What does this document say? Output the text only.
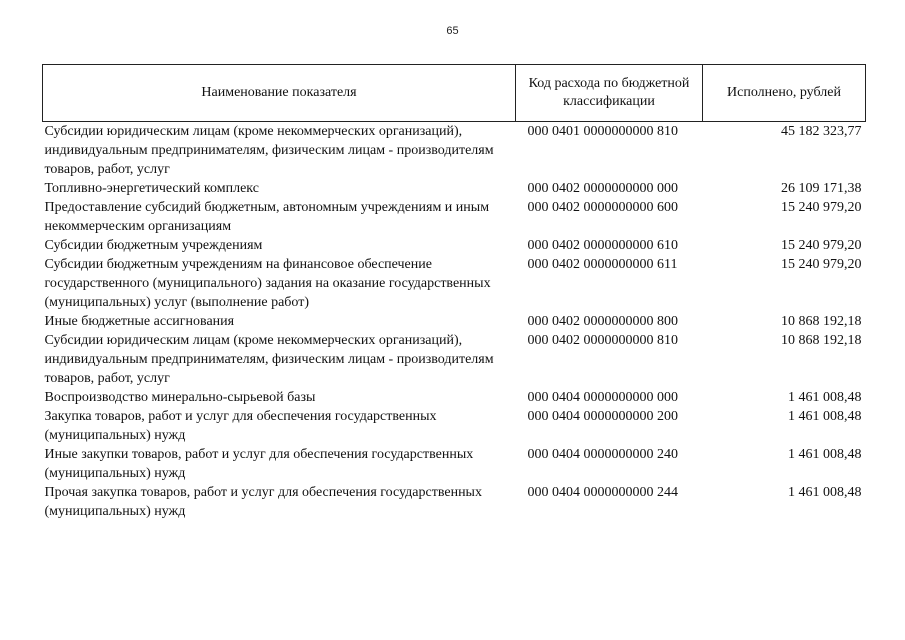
65
Наименование показателя	Код расхода по бюджетной классификации	Исполнено, рублей
Субсидии юридическим лицам (кроме некоммерческих организаций), индивидуальным предпринимателям, физическим лицам - производителям товаров, работ, услуг	000 0401 0000000000 810	45 182 323,77
Топливно-энергетический комплекс	000 0402 0000000000 000	26 109 171,38
Предоставление субсидий бюджетным, автономным учреждениям и иным некоммерческим организациям	000 0402 0000000000 600	15 240 979,20
Субсидии бюджетным учреждениям	000 0402 0000000000 610	15 240 979,20
Субсидии бюджетным учреждениям на финансовое обеспечение государственного (муниципального) задания на оказание государственных (муниципальных) услуг (выполнение работ)	000 0402 0000000000 611	15 240 979,20
Иные бюджетные ассигнования	000 0402 0000000000 800	10 868 192,18
Субсидии юридическим лицам (кроме некоммерческих организаций), индивидуальным предпринимателям, физическим лицам - производителям товаров, работ, услуг	000 0402 0000000000 810	10 868 192,18
Воспроизводство минерально-сырьевой базы	000 0404 0000000000 000	1 461 008,48
Закупка товаров, работ и услуг для обеспечения государственных (муниципальных) нужд	000 0404 0000000000 200	1 461 008,48
Иные закупки товаров, работ и услуг для обеспечения государственных (муниципальных) нужд	000 0404 0000000000 240	1 461 008,48
Прочая закупка товаров, работ и услуг для обеспечения государственных (муниципальных) нужд	000 0404 0000000000 244	1 461 008,48
